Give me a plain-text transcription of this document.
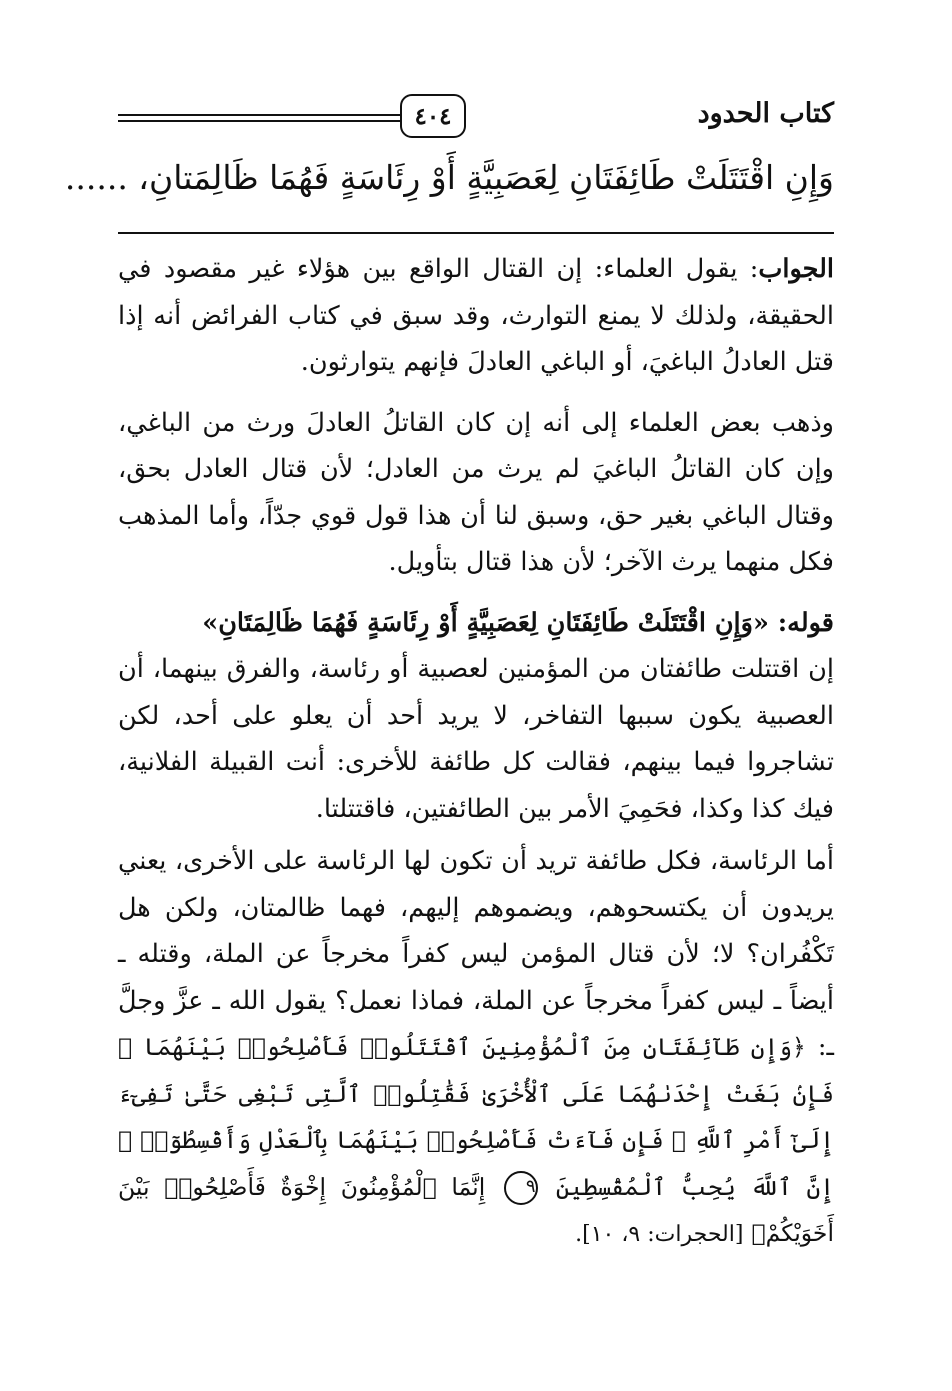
كتاب الحدود
٤٠٤
وَإِنِ اقْتَتَلَتْ طَائِفَتَانِ لِعَصَبِيَّةٍ أَوْ رِئَاسَةٍ فَهُمَا ظَالِمَتانِ، ......

الجواب: يقول العلماء: إن القتال الواقع بين هؤلاء غير مقصود في الحقيقة، ولذلك لا يمنع التوارث، وقد سبق في كتاب الفرائض أنه إذا قتل العادلُ الباغيَ، أو الباغي العادلَ فإنهم يتوارثون.

وذهب بعض العلماء إلى أنه إن كان القاتلُ العادلَ ورث من الباغي، وإن كان القاتلُ الباغيَ لم يرث من العادل؛ لأن قتال العادل بحق، وقتال الباغي بغير حق، وسبق لنا أن هذا قول قوي جدّاً، وأما المذهب فكل منهما يرث الآخر؛ لأن هذا قتال بتأويل.

قوله: «وَإِنِ اقْتَتَلَتْ طَائِفَتَانِ لِعَصَبِيَّةٍ أَوْ رِئَاسَةٍ فَهُمَا ظَالِمَتَانِ»
إن اقتتلت طائفتان من المؤمنين لعصبية أو رئاسة، والفرق بينهما، أن العصبية يكون سببها التفاخر، لا يريد أحد أن يعلو على أحد، لكن تشاجروا فيما بينهم، فقالت كل طائفة للأخرى: أنت القبيلة الفلانية، فيك كذا وكذا، فحَمِيَ الأمر بين الطائفتين، فاقتتلتا.

أما الرئاسة، فكل طائفة تريد أن تكون لها الرئاسة على الأخرى، يعني يريدون أن يكتسحوهم، ويضموهم إليهم، فهما ظالمتان، ولكن هل تَكْفُران؟ لا؛ لأن قتال المؤمن ليس كفراً مخرجاً عن الملة، وقتله ـ أيضاً ـ ليس كفراً مخرجاً عن الملة، فماذا نعمل؟ يقول الله ـ عزَّ وجلَّ ـ: ﴿وَإِن طَآئِفَتَانِ مِنَ ٱلْمُؤْمِنِينَ ٱقْتَتَلُوا۟ فَأَصْلِحُوا۟ بَيْنَهُمَا ۖ فَإِنۢ بَغَتْ إِحْدَىٰهُمَا عَلَى ٱلْأُخْرَىٰ فَقَٰتِلُوا۟ ٱلَّتِى تَبْغِى حَتَّىٰ تَفِىٓءَ إِلَىٰٓ أَمْرِ ٱللَّهِ ۚ فَإِن فَآءَتْ فَأَصْلِحُوا۟ بَيْنَهُمَا بِٱلْعَدْلِ وَأَقْسِطُوٓا۟ ۖ إِنَّ ٱللَّهَ يُحِبُّ ٱلْمُقْسِطِينَ ٩ إِنَّمَا ٱلْمُؤْمِنُونَ إِخْوَةٌ فَأَصْلِحُوا۟ بَيْنَ أَخَوَيْكُمْ﴾ [الحجرات: ٩، ١٠].
